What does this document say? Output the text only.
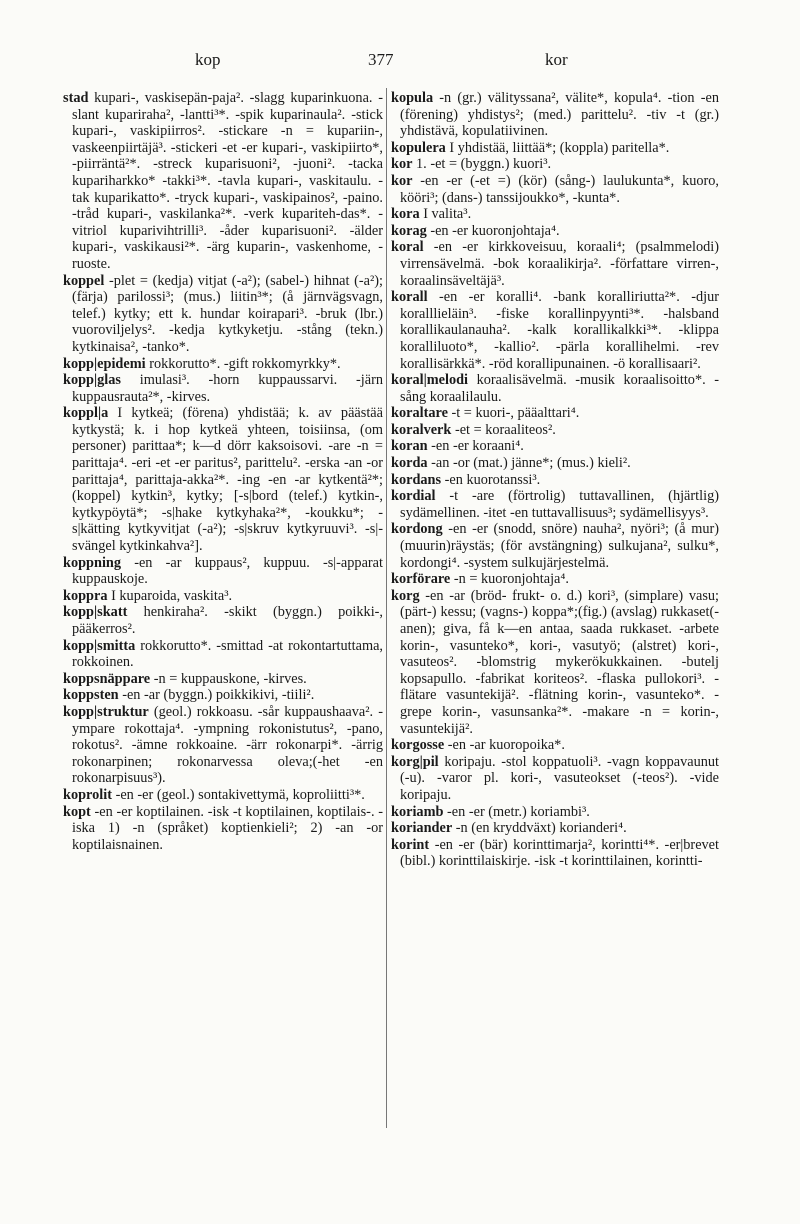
kop	377	kor

stad kupari-, vaskisepän-paja². -slagg kuparinkuona. -slant kupariraha², -lantti³*. -spik kuparinaula². -stick kupari-, vaskipiirros². -stickare -n = kupariin-, vaskeenpiirtäjä³. -stickeri -et -er kupari-, vaskipiirto*, -piirräntä²*. -streck kuparisuoni², -juoni². -tacka kupariharkko* -takki³*. -tavla kupari-, vaskitaulu. -tak kuparikatto*. -tryck kupari-, vaskipainos², -paino. -tråd kupari-, vaskilanka²*. -verk kupariteh-das*. -vitriol kuparivihtrilli³. -åder kuparisuoni². -älder kupari-, vaskikausi²*. -ärg kuparin-, vaskenhome, -ruoste.

koppel -plet = (kedja) vitjat (-a²); (sabel-) hihnat (-a²); (färja) parilossi³; (mus.) liitin³*; (å järnvägsvagn, telef.) kytky; ett k. hundar koirapari³. -bruk (lbr.) vuoroviljelys². -kedja kytkyketju. -stång (tekn.) kytkinaisa², -tanko*.

kopp|epidemi rokkorutto*. -gift rokkomyrkky*.

kopp|glas imulasi³. -horn kuppaussarvi. -järn kuppausrauta²*, -kirves.

koppl|a I kytkeä; (förena) yhdistää; k. av päästää kytkystä; k. i hop kytkeä yhteen, toisiinsa, (om personer) parittaa*; k—d dörr kaksoisovi. -are -n = parittaja⁴. -eri -et -er paritus², parittelu². -erska -an -or parittaja⁴, parittaja-akka²*. -ing -en -ar kytkentä²*; (koppel) kytkin³, kytky; [-s|bord (telef.) kytkin-, kytkypöytä*; -s|hake kytkyhaka²*, -koukku*; -s|kätting kytkyvitjat (-a²); -s|skruv kytkyruuvi³. -s|-svängel kytkinkahva²].

koppning -en -ar kuppaus², kuppuu. -s|-apparat kuppauskoje.

koppra I kuparoida, vaskita³.

kopp|skatt henkiraha². -skikt (byggn.) poikki-, pääkerros².

kopp|smitta rokkorutto*. -smittad -at rokontartuttama, rokkoinen.

koppsnäppare -n = kuppauskone, -kirves.

koppsten -en -ar (byggn.) poikkikivi, -tiili².

kopp|struktur (geol.) rokkoasu. -sår kuppaushaava². -ympare rokottaja⁴. -ympning rokonistutus², -pano, rokotus². -ämne rokkoaine. -ärr rokonarpi*. -ärrig rokonarpinen; rokonarvessa oleva;(-het -en rokonarpisuus³).

koprolit -en -er (geol.) sontakivettymä, koproliitti³*.

kopt -en -er koptilainen. -isk -t koptilainen, koptilais-. -iska 1) -n (språket) koptienkieli²; 2) -an -or koptilaisnainen.

kopula -n (gr.) välityssana², välite*, kopula⁴. -tion -en (förening) yhdistys²; (med.) parittelu². -tiv -t (gr.) yhdistävä, kopulatiivinen.

kopulera I yhdistää, liittää*; (koppla) paritella*.

kor 1. -et = (byggn.) kuori³.

kor -en -er (-et =) (kör) (sång-) laulukunta*, kuoro, kööri³; (dans-) tanssijoukko*, -kunta*.

kora I valita³.

korag -en -er kuoronjohtaja⁴.

koral -en -er kirkkoveisuu, koraali⁴; (psalmmelodi) virrensävelmä. -bok koraalikirja². -författare virren-, koraalinsäveltäjä³.

korall -en -er koralli⁴. -bank koralliriutta²*. -djur koralllieläin³. -fiske korallinpyynti³*. -halsband korallikaulanauha². -kalk korallikalkki³*. -klippa koralliluoto*, -kallio². -pärla korallihelmi. -rev korallisärkkä*. -röd korallipunainen. -ö korallisaari².

koral|melodi koraalisävelmä. -musik koraalisoitto*. -sång koraalilaulu.

koraltare -t = kuori-, pääalttari⁴.

koralverk -et = koraaliteos².

koran -en -er koraani⁴.

korda -an -or (mat.) jänne*; (mus.) kieli².

kordans -en kuorotanssi³.

kordial -t -are (förtrolig) tuttavallinen, (hjärtlig) sydämellinen. -itet -en tuttavallisuus³; sydämellisyys³.

kordong -en -er (snodd, snöre) nauha², nyöri³; (å mur) (muurin)räystäs; (för avstängning) sulkujana², sulku*, kordongi⁴. -system sulkujärjestelmä.

korförare -n = kuoronjohtaja⁴.

korg -en -ar (bröd- frukt- o. d.) kori³, (simplare) vasu; (pärt-) kessu; (vagns-) koppa*;(fig.) (avslag) rukkaset(-anen); giva, få k—en antaa, saada rukkaset. -arbete korin-, vasunteko*, kori-, vasutyö; (alstret) kori-, vasuteos². -blomstrig mykerökukkainen. -butelj kopsapullo. -fabrikat koriteos². -flaska pullokori³. -flätare vasuntekijä². -flätning korin-, vasunteko*. -grepe korin-, vasunsanka²*. -makare -n = korin-, vasuntekijä².

korgosse -en -ar kuoropoika*.

korg|pil koripaju. -stol koppatuoli³. -vagn koppavaunut (-u). -varor pl. kori-, vasuteokset (-teos²). -vide koripaju.

koriamb -en -er (metr.) koriambi³.

koriander -n (en kryddväxt) korianderi⁴.

korint -en -er (bär) korinttimarja², korintti⁴*. -er|brevet (bibl.) korinttilaiskirje. -isk -t korinttilainen, korintti-
